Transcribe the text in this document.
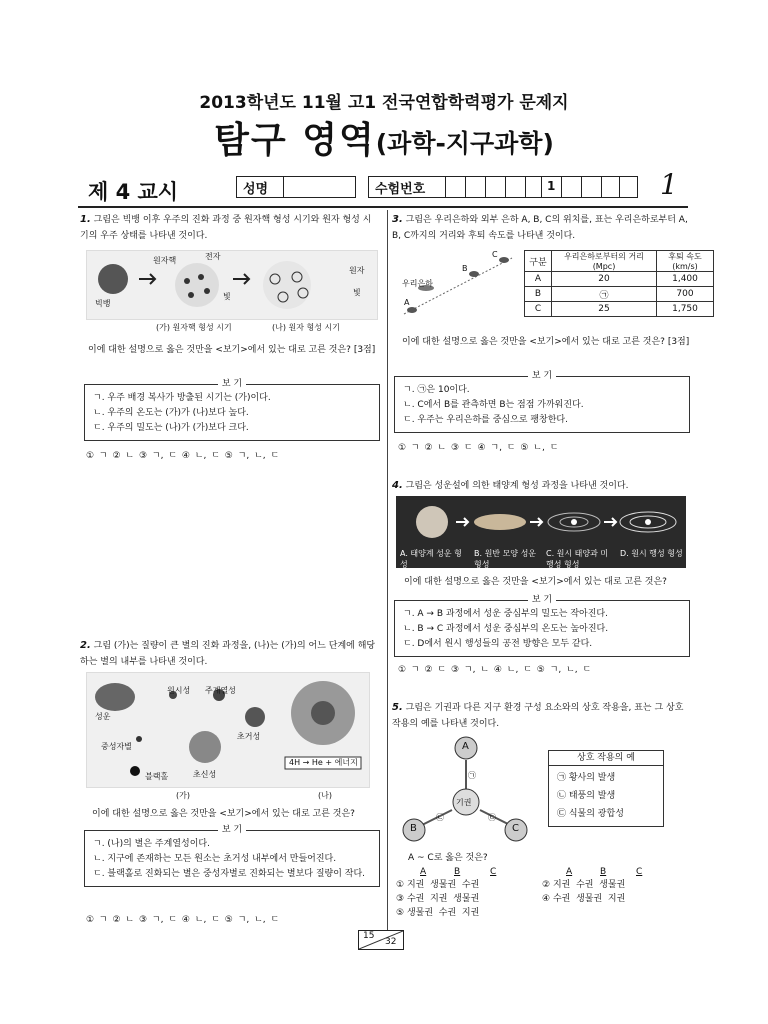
2013학년도 11월 고1 전국연합학력평가 문제지
탐구 영역(과학-지구과학)
제 4 교시	성명	수험번호	1	1
1. 그림은 빅뱅 이후 우주의 진화 과정 중 원자핵 형성 시기와 원자 형성 시기의 우주 상태를 나타낸 것이다.
빅뱅
원자핵	전자
빛
원자
빛
(가) 원자핵 형성 시기	(나) 원자 형성 시기
이에 대한 설명으로 옳은 것만을 <보기>에서 있는 대로 고른 것은? [3점]
보 기
ㄱ. 우주 배경 복사가 방출된 시기는 (가)이다.
ㄴ. 우주의 온도는 (가)가 (나)보다 높다.
ㄷ. 우주의 밀도는 (나)가 (가)보다 크다.
① ㄱ ② ㄴ ③ ㄱ, ㄷ ④ ㄴ, ㄷ ⑤ ㄱ, ㄴ, ㄷ
2. 그림 (가)는 질량이 큰 별의 진화 과정을, (나)는 (가)의 어느 단계에 해당하는 별의 내부를 나타낸 것이다.
원시성 주계열성
성운
초거성
중성자별
블랙홀	초신성
4H → He + 에너지
(가)	(나)
이에 대한 설명으로 옳은 것만을 <보기>에서 있는 대로 고른 것은?
보 기
ㄱ. (나)의 별은 주계열성이다.
ㄴ. 지구에 존재하는 모든 원소는 초거성 내부에서 만들어진다.
ㄷ. 블랙홀로 진화되는 별은 중성자별로 진화되는 별보다 질량이 작다.
① ㄱ ② ㄴ ③ ㄱ, ㄷ ④ ㄴ, ㄷ ⑤ ㄱ, ㄴ, ㄷ
3. 그림은 우리은하와 외부 은하 A, B, C의 위치를, 표는 우리은하로부터 A, B, C까지의 거리와 후퇴 속도를 나타낸 것이다.
우리은하
A
B
C
구분	우리은하로부터의 거리(Mpc)	후퇴 속도 (km/s)
A	20	1,400
B	㉠	700
C	25	1,750
이에 대한 설명으로 옳은 것만을 <보기>에서 있는 대로 고른 것은? [3점]
보 기
ㄱ. ㉠은 10이다.
ㄴ. C에서 B를 관측하면 B는 점점 가까워진다.
ㄷ. 우주는 우리은하를 중심으로 팽창한다.
① ㄱ ② ㄴ ③ ㄷ ④ ㄱ, ㄷ ⑤ ㄴ, ㄷ
4. 그림은 성운설에 의한 태양계 형성 과정을 나타낸 것이다.
A. 태양계 성운 형성
B. 원반 모양 성운 형성
C. 원시 태양과 미행성 형성
D. 원시 행성 형성
이에 대한 설명으로 옳은 것만을 <보기>에서 있는 대로 고른 것은?
보 기
ㄱ. A → B 과정에서 성운 중심부의 밀도는 작아진다.
ㄴ. B → C 과정에서 성운 중심부의 온도는 높아진다.
ㄷ. D에서 원시 행성들의 공전 방향은 모두 같다.
① ㄱ ② ㄷ ③ ㄱ, ㄴ ④ ㄴ, ㄷ ⑤ ㄱ, ㄴ, ㄷ
5. 그림은 기권과 다른 지구 환경 구성 요소와의 상호 작용을, 표는 그 상호 작용의 예를 나타낸 것이다.
A
기권
B	C
㉠
㉡	㉢
상호 작용의 예
㉠ 황사의 발생
㉡ 태풍의 발생
㉢ 식물의 광합성
A ~ C로 옳은 것은?
A	B	C	A	B	C
① 지권 생물권 수권	② 지권 수권 생물권
③ 수권 지권 생물권	④ 수권 생물권 지권
⑤ 생물권 수권 지권
15
32
